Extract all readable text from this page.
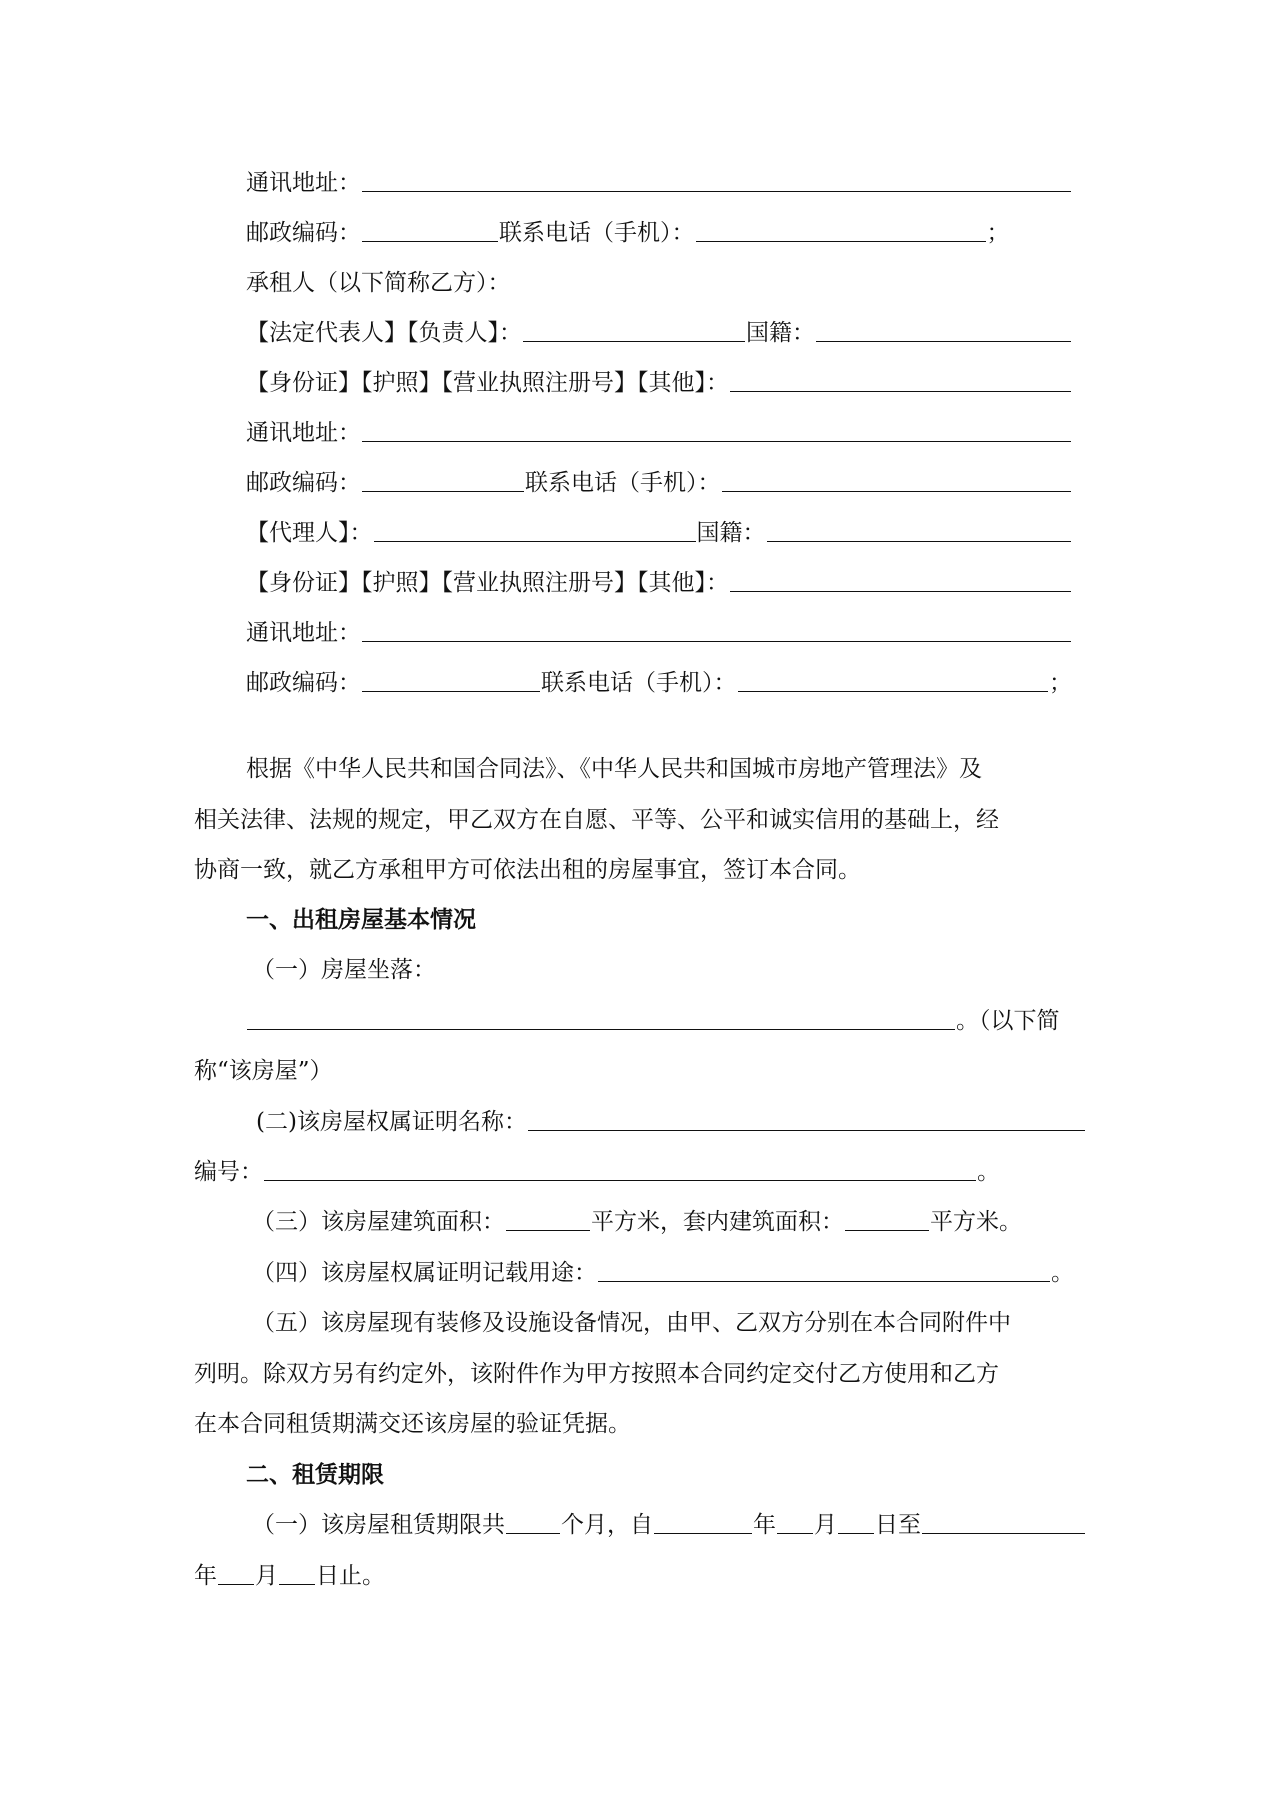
通讯地址：
邮政编码：	联系电话（手机）：	；
承租人（以下简称乙方）：
【法定代表人】【负责人】：	国籍：
【身份证】【护照】【营业执照注册号】【其他】：
通讯地址：
邮政编码：	联系电话（手机）：
【代理人】：	国籍：
【身份证】【护照】【营业执照注册号】【其他】：
通讯地址：
邮政编码：	联系电话（手机）：	；
根据《中华人民共和国合同法》、《中华人民共和国城市房地产管理法》及
相关法律、法规的规定，甲乙双方在自愿、平等、公平和诚实信用的基础上，经
协商一致，就乙方承租甲方可依法出租的房屋事宜，签订本合同。
一、出租房屋基本情况
（一）房屋坐落：
。（以下简
称“该房屋”）
(二)该房屋权属证明名称：
编号：	。
（三）该房屋建筑面积：	平方米，套内建筑面积：	平方米。
（四）该房屋权属证明记载用途：	。
（五）该房屋现有装修及设施设备情况，由甲、乙双方分别在本合同附件中
列明。除双方另有约定外，该附件作为甲方按照本合同约定交付乙方使用和乙方
在本合同租赁期满交还该房屋的验证凭据。
二、租赁期限
（一）该房屋租赁期限共 个月，自	年 月 日至
年 月 日止。
